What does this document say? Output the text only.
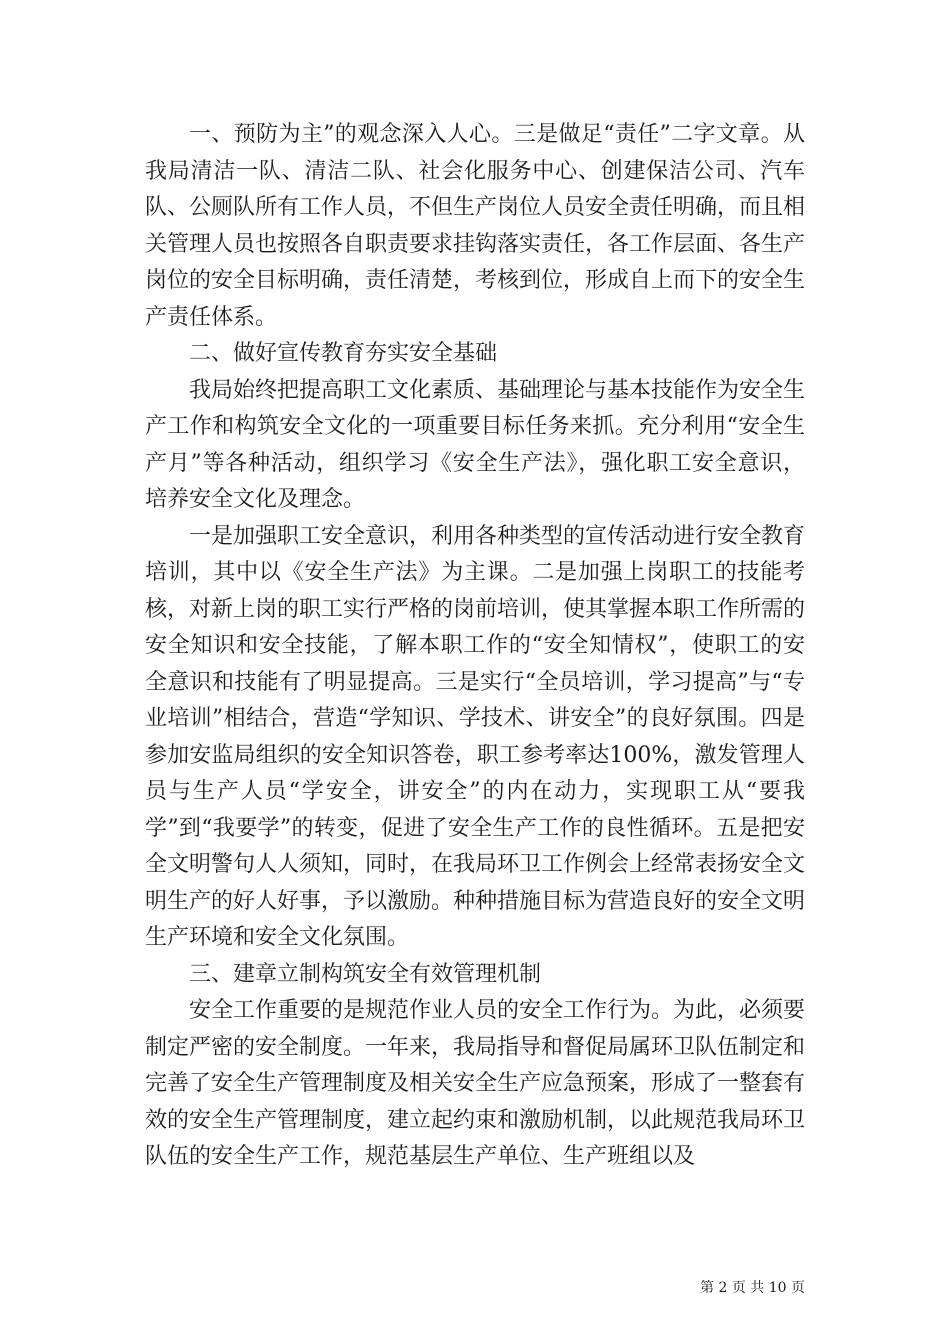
一、预防为主”的观念深入人心。三是做足“责任”二字文章。从我局清洁一队、清洁二队、社会化服务中心、创建保洁公司、汽车队、公厕队所有工作人员，不但生产岗位人员安全责任明确，而且相关管理人员也按照各自职责要求挂钩落实责任，各工作层面、各生产岗位的安全目标明确，责任清楚，考核到位，形成自上而下的安全生产责任体系。

二、做好宣传教育夯实安全基础

我局始终把提高职工文化素质、基础理论与基本技能作为安全生产工作和构筑安全文化的一项重要目标任务来抓。充分利用“安全生产月”等各种活动，组织学习《安全生产法》，强化职工安全意识，培养安全文化及理念。

一是加强职工安全意识，利用各种类型的宣传活动进行安全教育培训，其中以《安全生产法》为主课。二是加强上岗职工的技能考核，对新上岗的职工实行严格的岗前培训，使其掌握本职工作所需的安全知识和安全技能，了解本职工作的“安全知情权”，使职工的安全意识和技能有了明显提高。三是实行“全员培训，学习提高”与“专业培训”相结合，营造“学知识、学技术、讲安全”的良好氛围。四是参加安监局组织的安全知识答卷，职工参考率达100%，激发管理人员与生产人员“学安全，讲安全”的内在动力，实现职工从“要我学”到“我要学”的转变，促进了安全生产工作的良性循环。五是把安全文明警句人人须知，同时，在我局环卫工作例会上经常表扬安全文明生产的好人好事，予以激励。种种措施目标为营造良好的安全文明生产环境和安全文化氛围。

三、建章立制构筑安全有效管理机制

安全工作重要的是规范作业人员的安全工作行为。为此，必须要制定严密的安全制度。一年来，我局指导和督促局属环卫队伍制定和完善了安全生产管理制度及相关安全生产应急预案，形成了一整套有效的安全生产管理制度，建立起约束和激励机制，以此规范我局环卫队伍的安全生产工作，规范基层生产单位、生产班组以及

第 2 页 共 10 页
